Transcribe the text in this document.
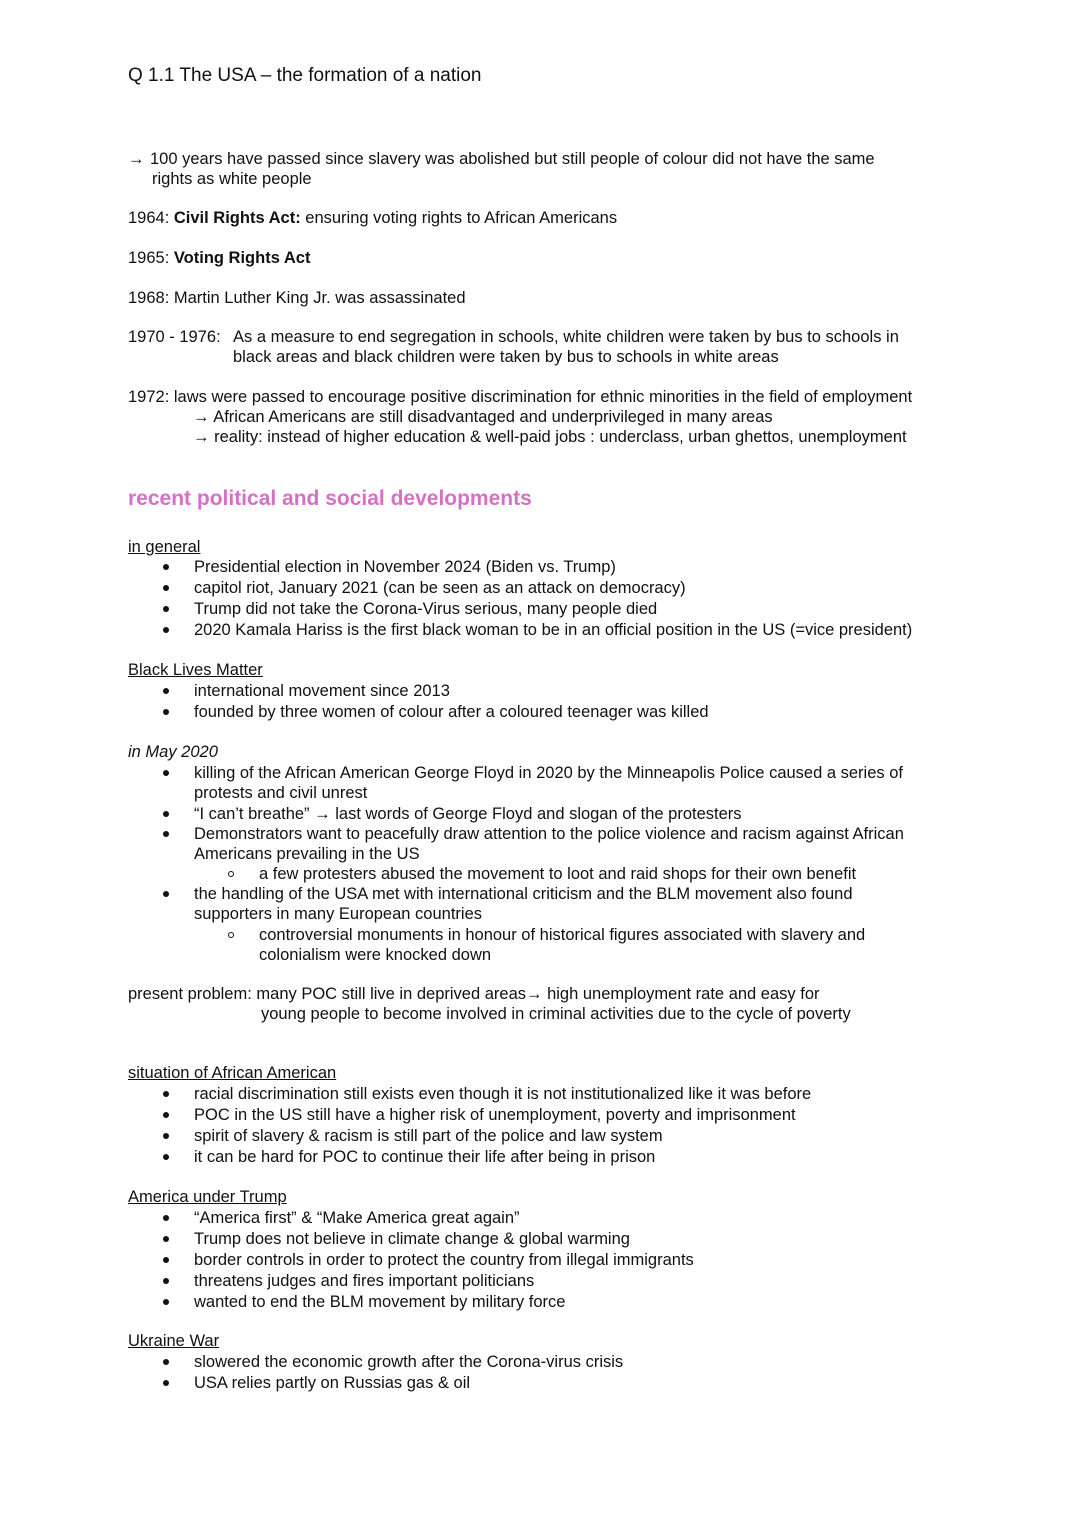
Q 1.1 The USA – the formation of a nation
→ 100 years have passed since slavery was abolished but still people of colour did not have the same
rights as white people
1964: Civil Rights Act: ensuring voting rights to African Americans
1965: Voting Rights Act
1968: Martin Luther King Jr. was assassinated
1970 - 1976: As a measure to end segregation in schools, white children were taken by bus to schools in
black areas and black children were taken by bus to schools in white areas
1972: laws were passed to encourage positive discrimination for ethnic minorities in the field of employment
→ African Americans are still disadvantaged and underprivileged in many areas
→ reality: instead of higher education & well-paid jobs : underclass, urban ghettos, unemployment
recent political and social developments
in general
Presidential election in November 2024 (Biden vs. Trump)
capitol riot, January 2021 (can be seen as an attack on democracy)
Trump did not take the Corona-Virus serious, many people died
2020 Kamala Hariss is the first black woman to be in an official position in the US (=vice president)
Black Lives Matter
international movement since 2013
founded by three women of colour after a coloured teenager was killed
in May 2020
killing of the African American George Floyd in 2020 by the Minneapolis Police caused a series of
protests and civil unrest
“I can’t breathe” → last words of George Floyd and slogan of the protesters
Demonstrators want to peacefully draw attention to the police violence and racism against African
Americans prevailing in the US
a few protesters abused the movement to loot and raid shops for their own benefit
the handling of the USA met with international criticism and the BLM movement also found
supporters in many European countries
controversial monuments in honour of historical figures associated with slavery and
colonialism were knocked down
present problem: many POC still live in deprived areas→ high unemployment rate and easy for
young people to become involved in criminal activities due to the cycle of poverty
situation of African American
racial discrimination still exists even though it is not institutionalized like it was before
POC in the US still have a higher risk of unemployment, poverty and imprisonment
spirit of slavery & racism is still part of the police and law system
it can be hard for POC to continue their life after being in prison
America under Trump
“America first” & “Make America great again”
Trump does not believe in climate change & global warming
border controls in order to protect the country from illegal immigrants
threatens judges and fires important politicians
wanted to end the BLM movement by military force
Ukraine War
slowered the economic growth after the Corona-virus crisis
USA relies partly on Russias gas & oil
